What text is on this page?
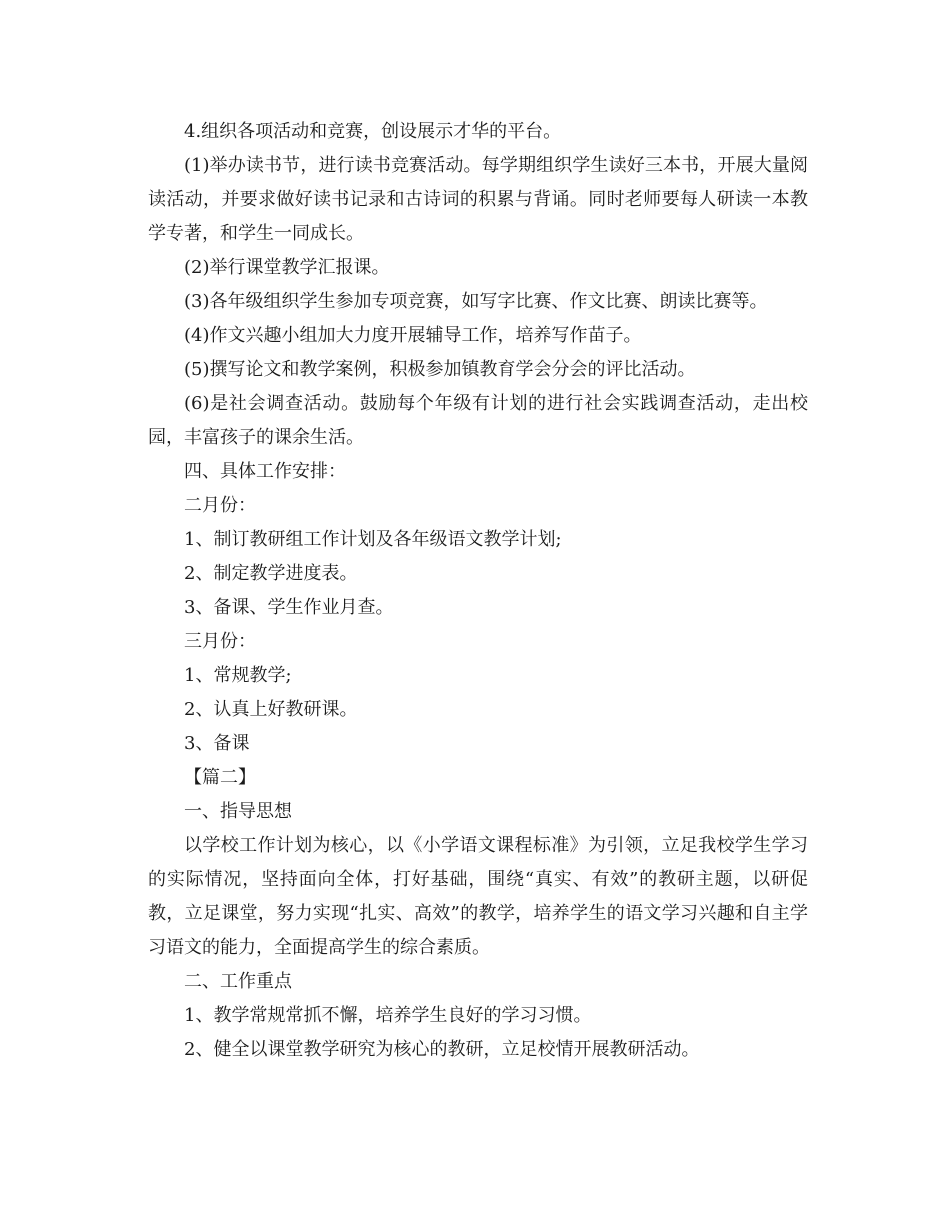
4.组织各项活动和竞赛，创设展示才华的平台。

(1)举办读书节，进行读书竞赛活动。每学期组织学生读好三本书，开展大量阅读活动，并要求做好读书记录和古诗词的积累与背诵。同时老师要每人研读一本教学专著，和学生一同成长。

(2)举行课堂教学汇报课。

(3)各年级组织学生参加专项竞赛，如写字比赛、作文比赛、朗读比赛等。

(4)作文兴趣小组加大力度开展辅导工作，培养写作苗子。

(5)撰写论文和教学案例，积极参加镇教育学会分会的评比活动。

(6)是社会调查活动。鼓励每个年级有计划的进行社会实践调查活动，走出校园，丰富孩子的课余生活。

四、具体工作安排：

二月份：

1、制订教研组工作计划及各年级语文教学计划;

2、制定教学进度表。

3、备课、学生作业月查。

三月份：

1、常规教学;

2、认真上好教研课。

3、备课

【篇二】

一、指导思想

以学校工作计划为核心，以《小学语文课程标准》为引领，立足我校学生学习的实际情况，坚持面向全体，打好基础，围绕“真实、有效”的教研主题，以研促教，立足课堂，努力实现“扎实、高效”的教学，培养学生的语文学习兴趣和自主学习语文的能力，全面提高学生的综合素质。

二、工作重点

1、教学常规常抓不懈，培养学生良好的学习习惯。

2、健全以课堂教学研究为核心的教研，立足校情开展教研活动。
